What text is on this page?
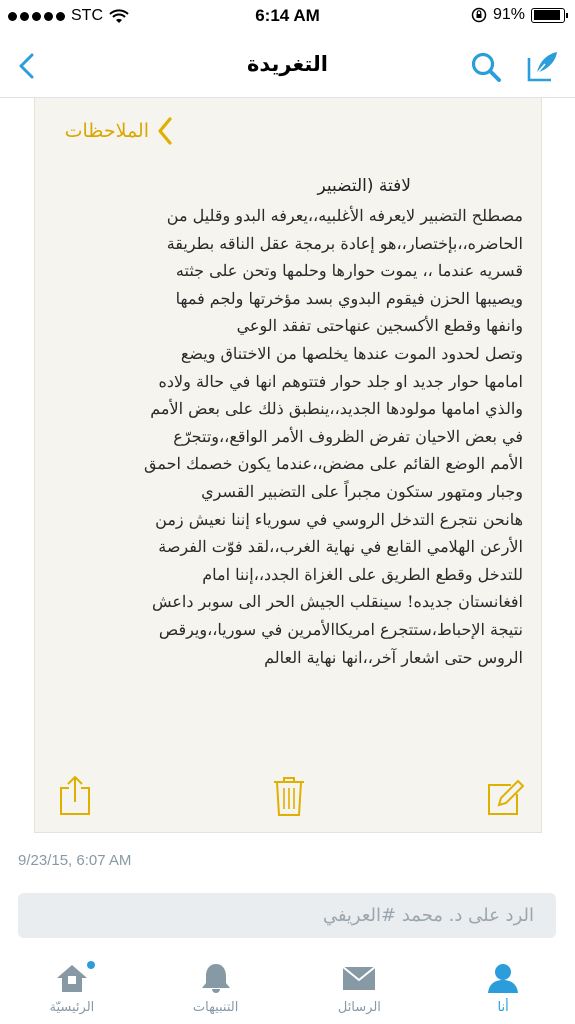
STC	6:14 AM	91%
التغريدة
الملاحظات
لافتة (التضبير

مصطلح التضبير لايعرفه الأغلبيه،،يعرفه البدو وقليل من

الحاضره،،بإختصار،،هو إعادة برمجة عقل الناقه بطريقة

قسريه عندما ،، يموت حوارها وحلمها وتحن على جثته

ويصيبها الحزن فيقوم البدوي بسد مؤخرتها ولجم فمها

وانفها وقطع الأكسجين عنهاحتى تفقد الوعي

وتصل لحدود الموت عندها يخلصها من الاختناق ويضع

امامها حوار جديد او جلد حوار فتتوهم انها في حالة ولاده

والذي امامها مولودها الجديد،،ينطبق ذلك على بعض الأمم

في بعض الاحيان تفرض الظروف الأمر الواقع،،وتتجرّع

الأمم الوضع القائم على مضض،،عندما يكون خصمك احمق

وجبار ومتهور ستكون مجبراً على التضبير القسري

هانحن نتجرع التدخل الروسي في سورياء إننا نعيش زمن

الأرعن الهلامي القابع في نهاية الغرب،،لقد فوّت الفرصة

للتدخل وقطع الطريق على الغزاة الجدد،،إننا امام

افغانستان جديده! سينقلب الجيش الحر الى سوبر داعش

نتيجة الإحباط،ستتجرع امريكاالأمرين في سوريا،،ويرقص

الروس حتى اشعار آخر،،انها نهاية العالم

9/23/15, 6:07 AM
الرد على د. محمد #العريفي
الرئيسيّة	التنبيهات	الرسائل	أنا
